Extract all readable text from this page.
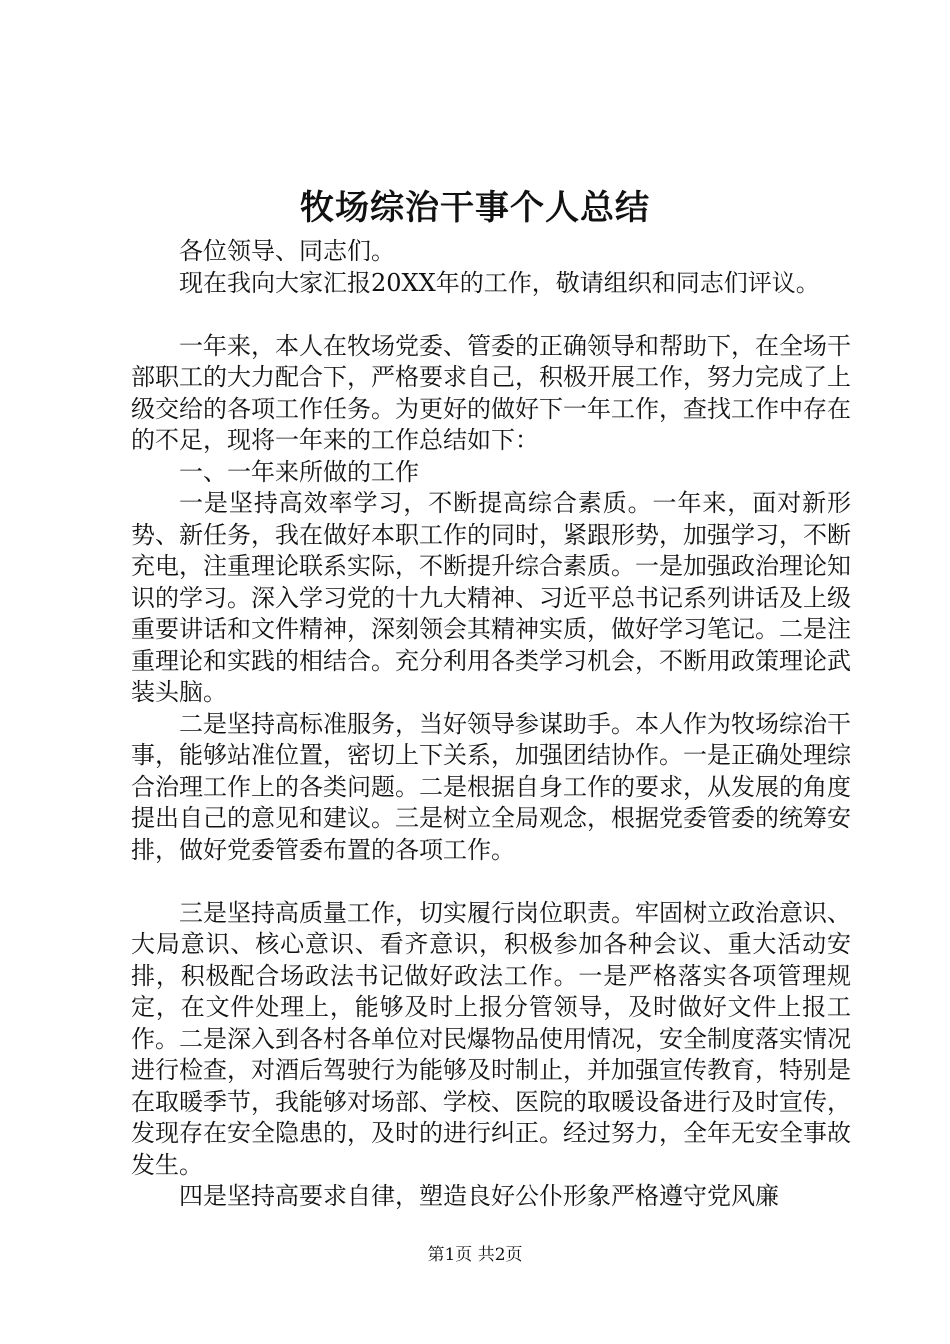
牧场综治干事个人总结

各位领导、同志们。

现在我向大家汇报20XX年的工作，敬请组织和同志们评议。

一年来，本人在牧场党委、管委的正确领导和帮助下，在全场干部职工的大力配合下，严格要求自己，积极开展工作，努力完成了上级交给的各项工作任务。为更好的做好下一年工作，查找工作中存在的不足，现将一年来的工作总结如下：

一、一年来所做的工作

一是坚持高效率学习，不断提高综合素质。一年来，面对新形势、新任务，我在做好本职工作的同时，紧跟形势，加强学习，不断充电，注重理论联系实际，不断提升综合素质。一是加强政治理论知识的学习。深入学习党的十九大精神、习近平总书记系列讲话及上级重要讲话和文件精神，深刻领会其精神实质，做好学习笔记。二是注重理论和实践的相结合。充分利用各类学习机会，不断用政策理论武装头脑。

二是坚持高标准服务，当好领导参谋助手。本人作为牧场综治干事，能够站准位置，密切上下关系，加强团结协作。一是正确处理综合治理工作上的各类问题。二是根据自身工作的要求，从发展的角度提出自己的意见和建议。三是树立全局观念，根据党委管委的统筹安排，做好党委管委布置的各项工作。

三是坚持高质量工作，切实履行岗位职责。牢固树立政治意识、大局意识、核心意识、看齐意识，积极参加各种会议、重大活动安排，积极配合场政法书记做好政法工作。一是严格落实各项管理规定，在文件处理上，能够及时上报分管领导，及时做好文件上报工作。二是深入到各村各单位对民爆物品使用情况，安全制度落实情况进行检查，对酒后驾驶行为能够及时制止，并加强宣传教育，特别是在取暖季节，我能够对场部、学校、医院的取暖设备进行及时宣传，发现存在安全隐患的，及时的进行纠正。经过努力，全年无安全事故发生。

四是坚持高要求自律，塑造良好公仆形象严格遵守党风廉

第1页 共2页
